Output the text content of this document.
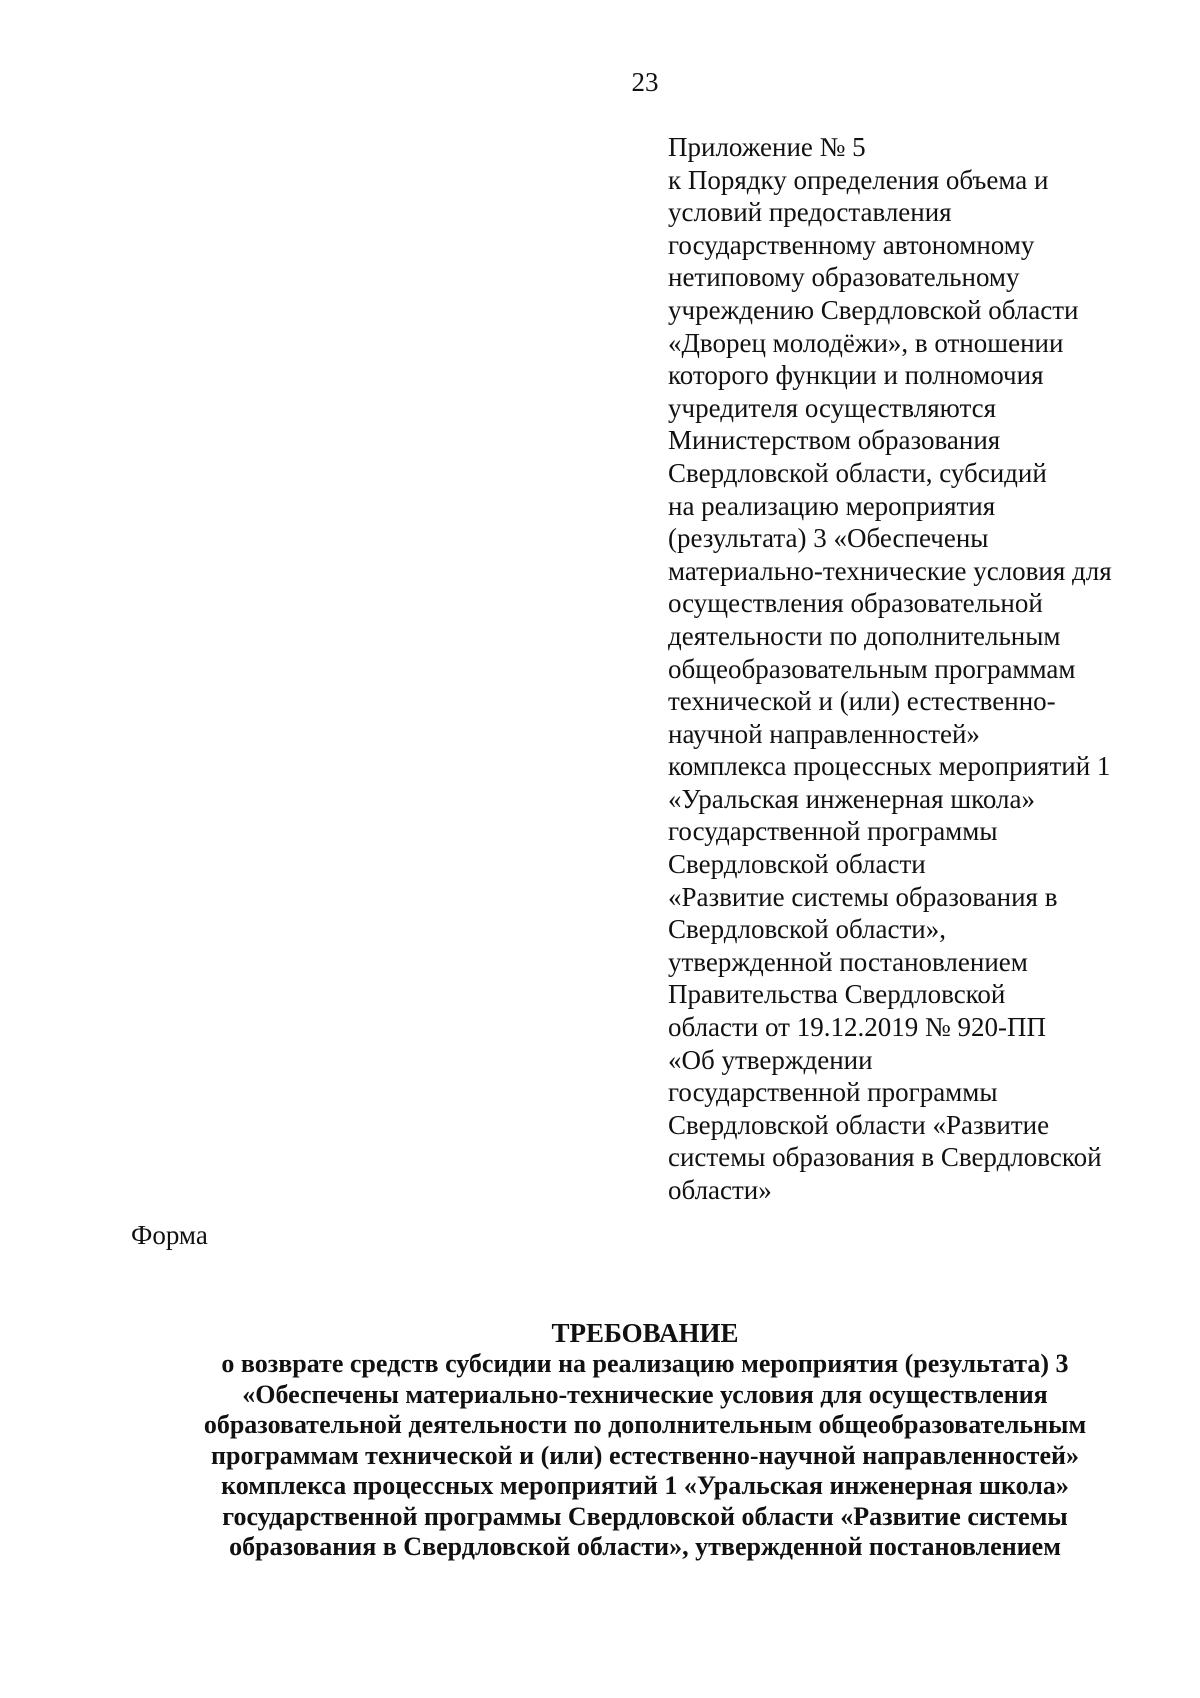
23
Приложение № 5
к Порядку определения объема и
условий предоставления
государственному автономному
нетиповому образовательному
учреждению Свердловской области
«Дворец молодёжи», в отношении
которого функции и полномочия
учредителя осуществляются
Министерством образования
Свердловской области, субсидий
на реализацию мероприятия
(результата) 3 «Обеспечены
материально-технические условия для
осуществления образовательной
деятельности по дополнительным
общеобразовательным программам
технической и (или) естественно-
научной направленностей»
комплекса процессных мероприятий 1
«Уральская инженерная школа»
государственной программы
Свердловской области
«Развитие системы образования в
Свердловской области»,
утвержденной постановлением
Правительства Свердловской
области от 19.12.2019 № 920-ПП
«Об утверждении
государственной программы
Свердловской области «Развитие
системы образования в Свердловской
области»
Форма
ТРЕБОВАНИЕ
о возврате средств субсидии на реализацию мероприятия (результата) 3
«Обеспечены материально-технические условия для осуществления
образовательной деятельности по дополнительным общеобразовательным
программам технической и (или) естественно-научной направленностей»
комплекса процессных мероприятий 1 «Уральская инженерная школа»
государственной программы Свердловской области «Развитие системы
образования в Свердловской области», утвержденной постановлением
